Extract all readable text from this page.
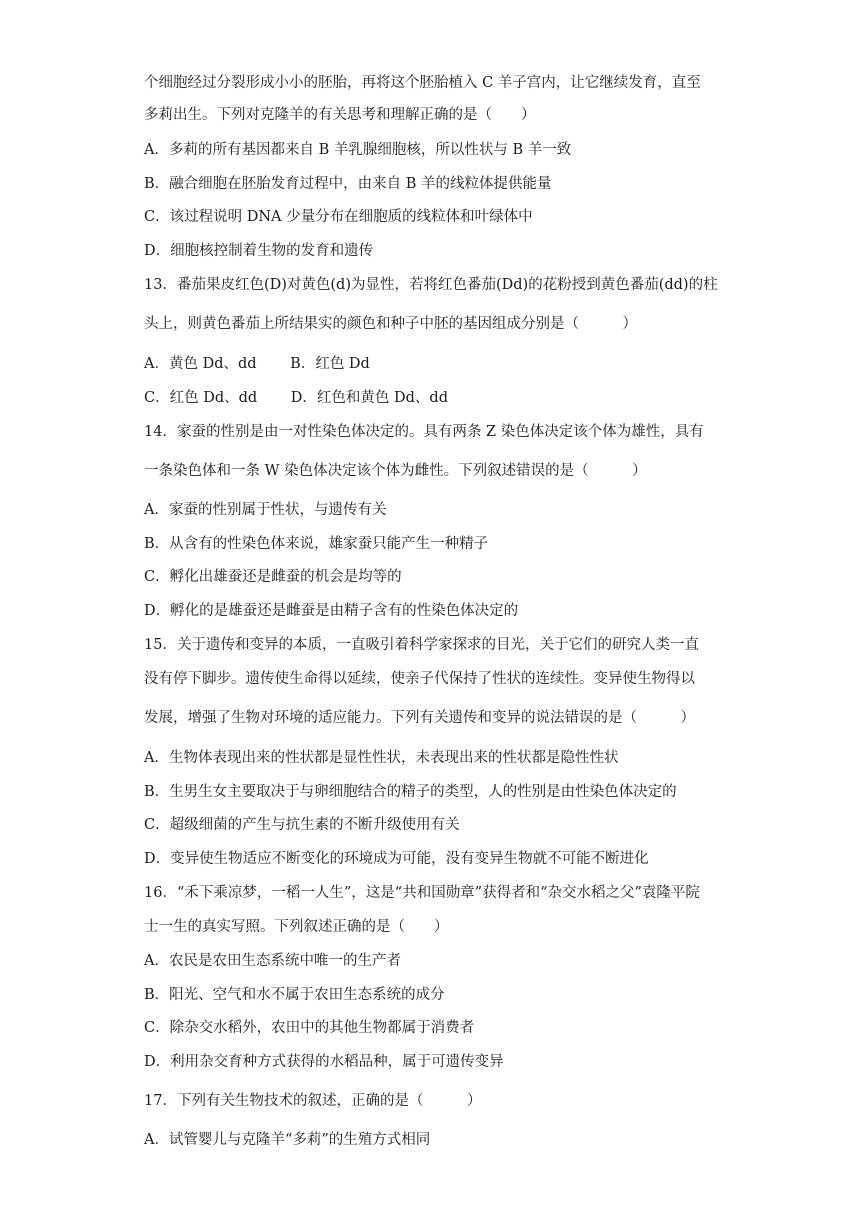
个细胞经过分裂形成小小的胚胎，再将这个胚胎植入 C 羊子宫内，让它继续发育，直至
多莉出生。下列对克隆羊的有关思考和理解正确的是（　　）
A．多莉的所有基因都来自 B 羊乳腺细胞核，所以性状与 B 羊一致
B．融合细胞在胚胎发育过程中，由来自 B 羊的线粒体提供能量
C．该过程说明 DNA 少量分布在细胞质的线粒体和叶绿体中
D．细胞核控制着生物的发育和遗传
13．番茄果皮红色(D)对黄色(d)为显性，若将红色番茄(Dd)的花粉授到黄色番茄(dd)的柱
头上，则黄色番茄上所结果实的颜色和种子中胚的基因组成分别是（　　　）
A．黄色 Dd、dd　　 B．红色 Dd
C．红色 Dd、dd　　 D．红色和黄色 Dd、dd
14．家蚕的性别是由一对性染色体决定的。具有两条 Z 染色体决定该个体为雄性，具有
一条染色体和一条 W 染色体决定该个体为雌性。下列叙述错误的是（　　　）
A．家蚕的性别属于性状，与遗传有关
B．从含有的性染色体来说，雄家蚕只能产生一种精子
C．孵化出雄蚕还是雌蚕的机会是均等的
D．孵化的是雄蚕还是雌蚕是由精子含有的性染色体决定的
15．关于遗传和变异的本质，一直吸引着科学家探求的目光，关于它们的研究人类一直
没有停下脚步。遗传使生命得以延续，使亲子代保持了性状的连续性。变异使生物得以
发展，增强了生物对环境的适应能力。下列有关遗传和变异的说法错误的是（　　　）
A．生物体表现出来的性状都是显性性状，未表现出来的性状都是隐性性状
B．生男生女主要取决于与卵细胞结合的精子的类型，人的性别是由性染色体决定的
C．超级细菌的产生与抗生素的不断升级使用有关
D．变异使生物适应不断变化的环境成为可能，没有变异生物就不可能不断进化
16．“禾下乘凉梦，一稻一人生”，这是“共和国勋章”获得者和“杂交水稻之父”袁隆平院
士一生的真实写照。下列叙述正确的是（　　）
A．农民是农田生态系统中唯一的生产者
B．阳光、空气和水不属于农田生态系统的成分
C．除杂交水稻外，农田中的其他生物都属于消费者
D．利用杂交育种方式获得的水稻品种，属于可遗传变异
17．下列有关生物技术的叙述，正确的是（　　　）
A．试管婴儿与克隆羊“多莉”的生殖方式相同
